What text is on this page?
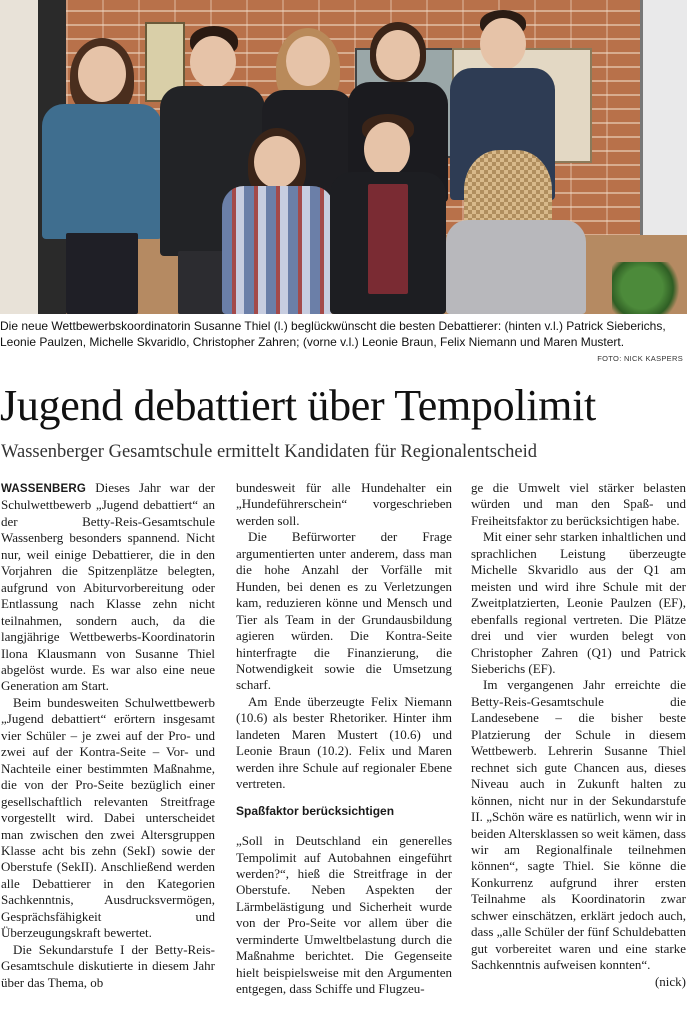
Die neue Wettbewerbskoordinatorin Susanne Thiel (l.) beglückwünscht die besten Debattierer: (hinten v.l.) Patrick Sieberichs, Leonie Paulzen, Michelle Skvaridlo, Christopher Zahren; (vorne v.l.) Leonie Braun, Felix Niemann und Maren Mustert.
FOTO: NICK KASPERS
Jugend debattiert über Tempolimit
Wassenberger Gesamtschule ermittelt Kandidaten für Regionalentscheid

WASSENBERG Dieses Jahr war der Schulwettbewerb „Jugend debattiert“ an der Betty-Reis-Gesamtschule Wassenberg besonders spannend. Nicht nur, weil einige Debattierer, die in den Vorjahren die Spitzenplätze belegten, aufgrund von Abiturvorbereitung oder Entlassung nach Klasse zehn nicht teilnahmen, sondern auch, da die langjährige Wettbewerbs-Koordinatorin Ilona Klausmann von Susanne Thiel abgelöst wurde. Es war also eine neue Generation am Start.

Beim bundesweiten Schulwettbewerb „Jugend debattiert“ erörtern insgesamt vier Schüler – je zwei auf der Pro- und zwei auf der Kontra-Seite – Vor- und Nachteile einer bestimmten Maßnahme, die von der Pro-Seite bezüglich einer gesellschaftlich relevanten Streitfrage vorgestellt wird. Dabei unterscheidet man zwischen den zwei Altersgruppen Klasse acht bis zehn (SekI) sowie der Oberstufe (SekII). Anschließend werden alle Debattierer in den Kategorien Sachkenntnis, Ausdrucksvermögen, Gesprächsfähigkeit und Überzeugungskraft bewertet.

Die Sekundarstufe I der Betty-Reis-Gesamtschule diskutierte in diesem Jahr über das Thema, ob

bundesweit für alle Hundehalter ein „Hundeführerschein“ vorgeschrieben werden soll.

Die Befürworter der Frage argumentierten unter anderem, dass man die hohe Anzahl der Vorfälle mit Hunden, bei denen es zu Verletzungen kam, reduzieren könne und Mensch und Tier als Team in der Grundausbildung agieren würden. Die Kontra-Seite hinterfragte die Finanzierung, die Notwendigkeit sowie die Umsetzung scharf.

Am Ende überzeugte Felix Niemann (10.6) als bester Rhetoriker. Hinter ihm landeten Maren Mustert (10.6) und Leonie Braun (10.2). Felix und Maren werden ihre Schule auf regionaler Ebene vertreten.

Spaßfaktor berücksichtigen

„Soll in Deutschland ein generelles Tempolimit auf Autobahnen eingeführt werden?“, hieß die Streitfrage in der Oberstufe. Neben Aspekten der Lärmbelästigung und Sicherheit wurde von der Pro-Seite vor allem über die verminderte Umweltbelastung durch die Maßnahme berichtet. Die Gegenseite hielt beispielsweise mit den Argumenten entgegen, dass Schiffe und Flugzeu-

ge die Umwelt viel stärker belasten würden und man den Spaß- und Freiheitsfaktor zu berücksichtigen habe.

Mit einer sehr starken inhaltlichen und sprachlichen Leistung überzeugte Michelle Skvaridlo aus der Q1 am meisten und wird ihre Schule mit der Zweitplatzierten, Leonie Paulzen (EF), ebenfalls regional vertreten. Die Plätze drei und vier wurden belegt von Christopher Zahren (Q1) und Patrick Sieberichs (EF).

Im vergangenen Jahr erreichte die Betty-Reis-Gesamtschule die Landesebene – die bisher beste Platzierung der Schule in diesem Wettbewerb. Lehrerin Susanne Thiel rechnet sich gute Chancen aus, dieses Niveau auch in Zukunft halten zu können, nicht nur in der Sekundarstufe II. „Schön wäre es natürlich, wenn wir in beiden Altersklassen so weit kämen, dass wir am Regionalfinale teilnehmen können“, sagte Thiel. Sie könne die Konkurrenz aufgrund ihrer ersten Teilnahme als Koordinatorin zwar schwer einschätzen, erklärt jedoch auch, dass „alle Schüler der fünf Schuldebatten gut vorbereitet waren und eine starke Sachkenntnis aufweisen konnten“.
(nick)
